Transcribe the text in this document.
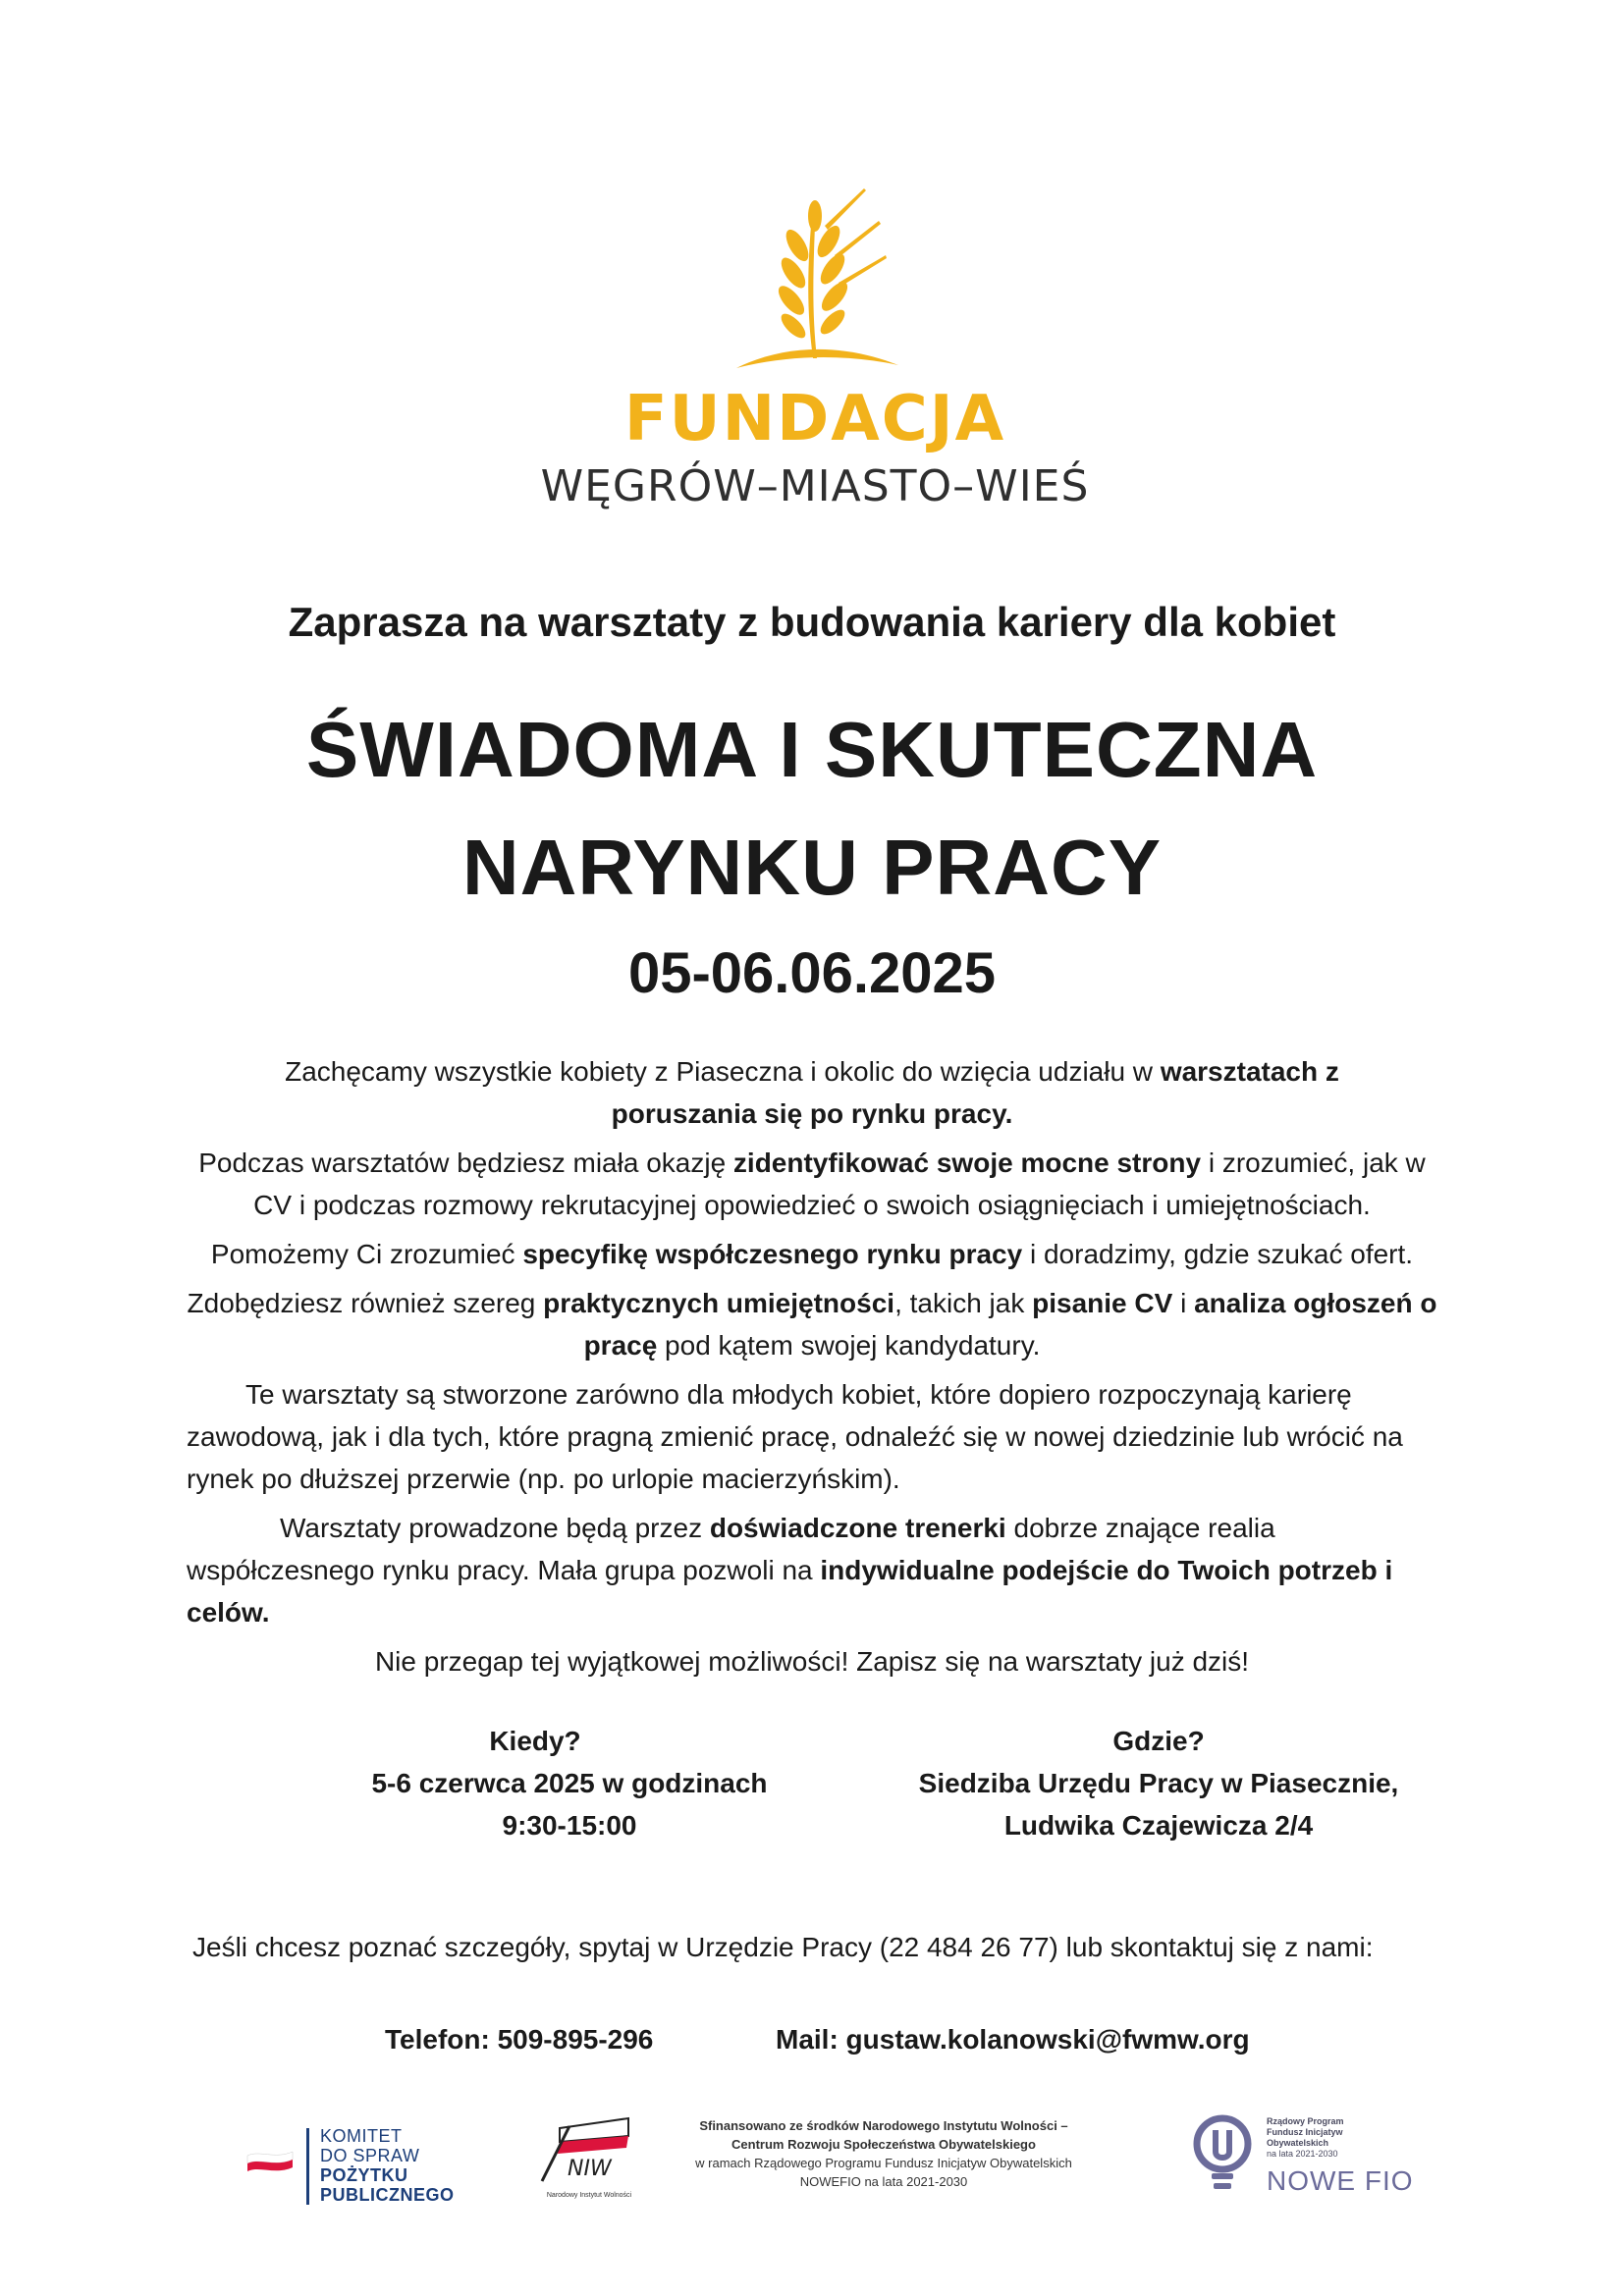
FUNDACJA
WĘGRÓW–MIASTO–WIEŚ
Zaprasza na warsztaty z budowania kariery dla kobiet
ŚWIADOMA I SKUTECZNA
NARYNKU PRACY
05-06.06.2025

Zachęcamy wszystkie kobiety z Piaseczna i okolic do wzięcia udziału w warsztatach z poruszania się po rynku pracy.

Podczas warsztatów będziesz miała okazję zidentyfikować swoje mocne strony i zrozumieć, jak w CV i podczas rozmowy rekrutacyjnej opowiedzieć o swoich osiągnięciach i umiejętnościach.

Pomożemy Ci zrozumieć specyfikę współczesnego rynku pracy i doradzimy, gdzie szukać ofert.

Zdobędziesz również szereg praktycznych umiejętności, takich jak pisanie CV i analiza ogłoszeń o pracę pod kątem swojej kandydatury.

Te warsztaty są stworzone zarówno dla młodych kobiet, które dopiero rozpoczynają karierę zawodową, jak i dla tych, które pragną zmienić pracę, odnaleźć się w nowej dziedzinie lub wrócić na rynek po dłuższej przerwie (np. po urlopie macierzyńskim).

Warsztaty prowadzone będą przez doświadczone trenerki dobrze znające realia współczesnego rynku pracy. Mała grupa pozwoli na indywidualne podejście do Twoich potrzeb i celów.

Nie przegap tej wyjątkowej możliwości! Zapisz się na warsztaty już dziś!

Kiedy?
5-6 czerwca 2025 w godzinach
9:30-15:00
Gdzie?
Siedziba Urzędu Pracy w Piasecznie,
Ludwika Czajewicza 2/4
Jeśli chcesz poznać szczegóły, spytaj w Urzędzie Pracy (22 484 26 77) lub skontaktuj się z nami:
Telefon: 509-895-296	Mail: gustaw.kolanowski@fwmw.org
KOMITET
DO SPRAW
POŻYTKU
PUBLICZNEGO
NIW
Narodowy Instytut Wolności
Sfinansowano ze środków Narodowego Instytutu Wolności –
Centrum Rozwoju Społeczeństwa Obywatelskiego
w ramach Rządowego Programu Fundusz Inicjatyw Obywatelskich
NOWEFIO na lata 2021-2030
Rządowy Program
Fundusz Inicjatyw
Obywatelskich
na lata 2021-2030
NOWE FIO
